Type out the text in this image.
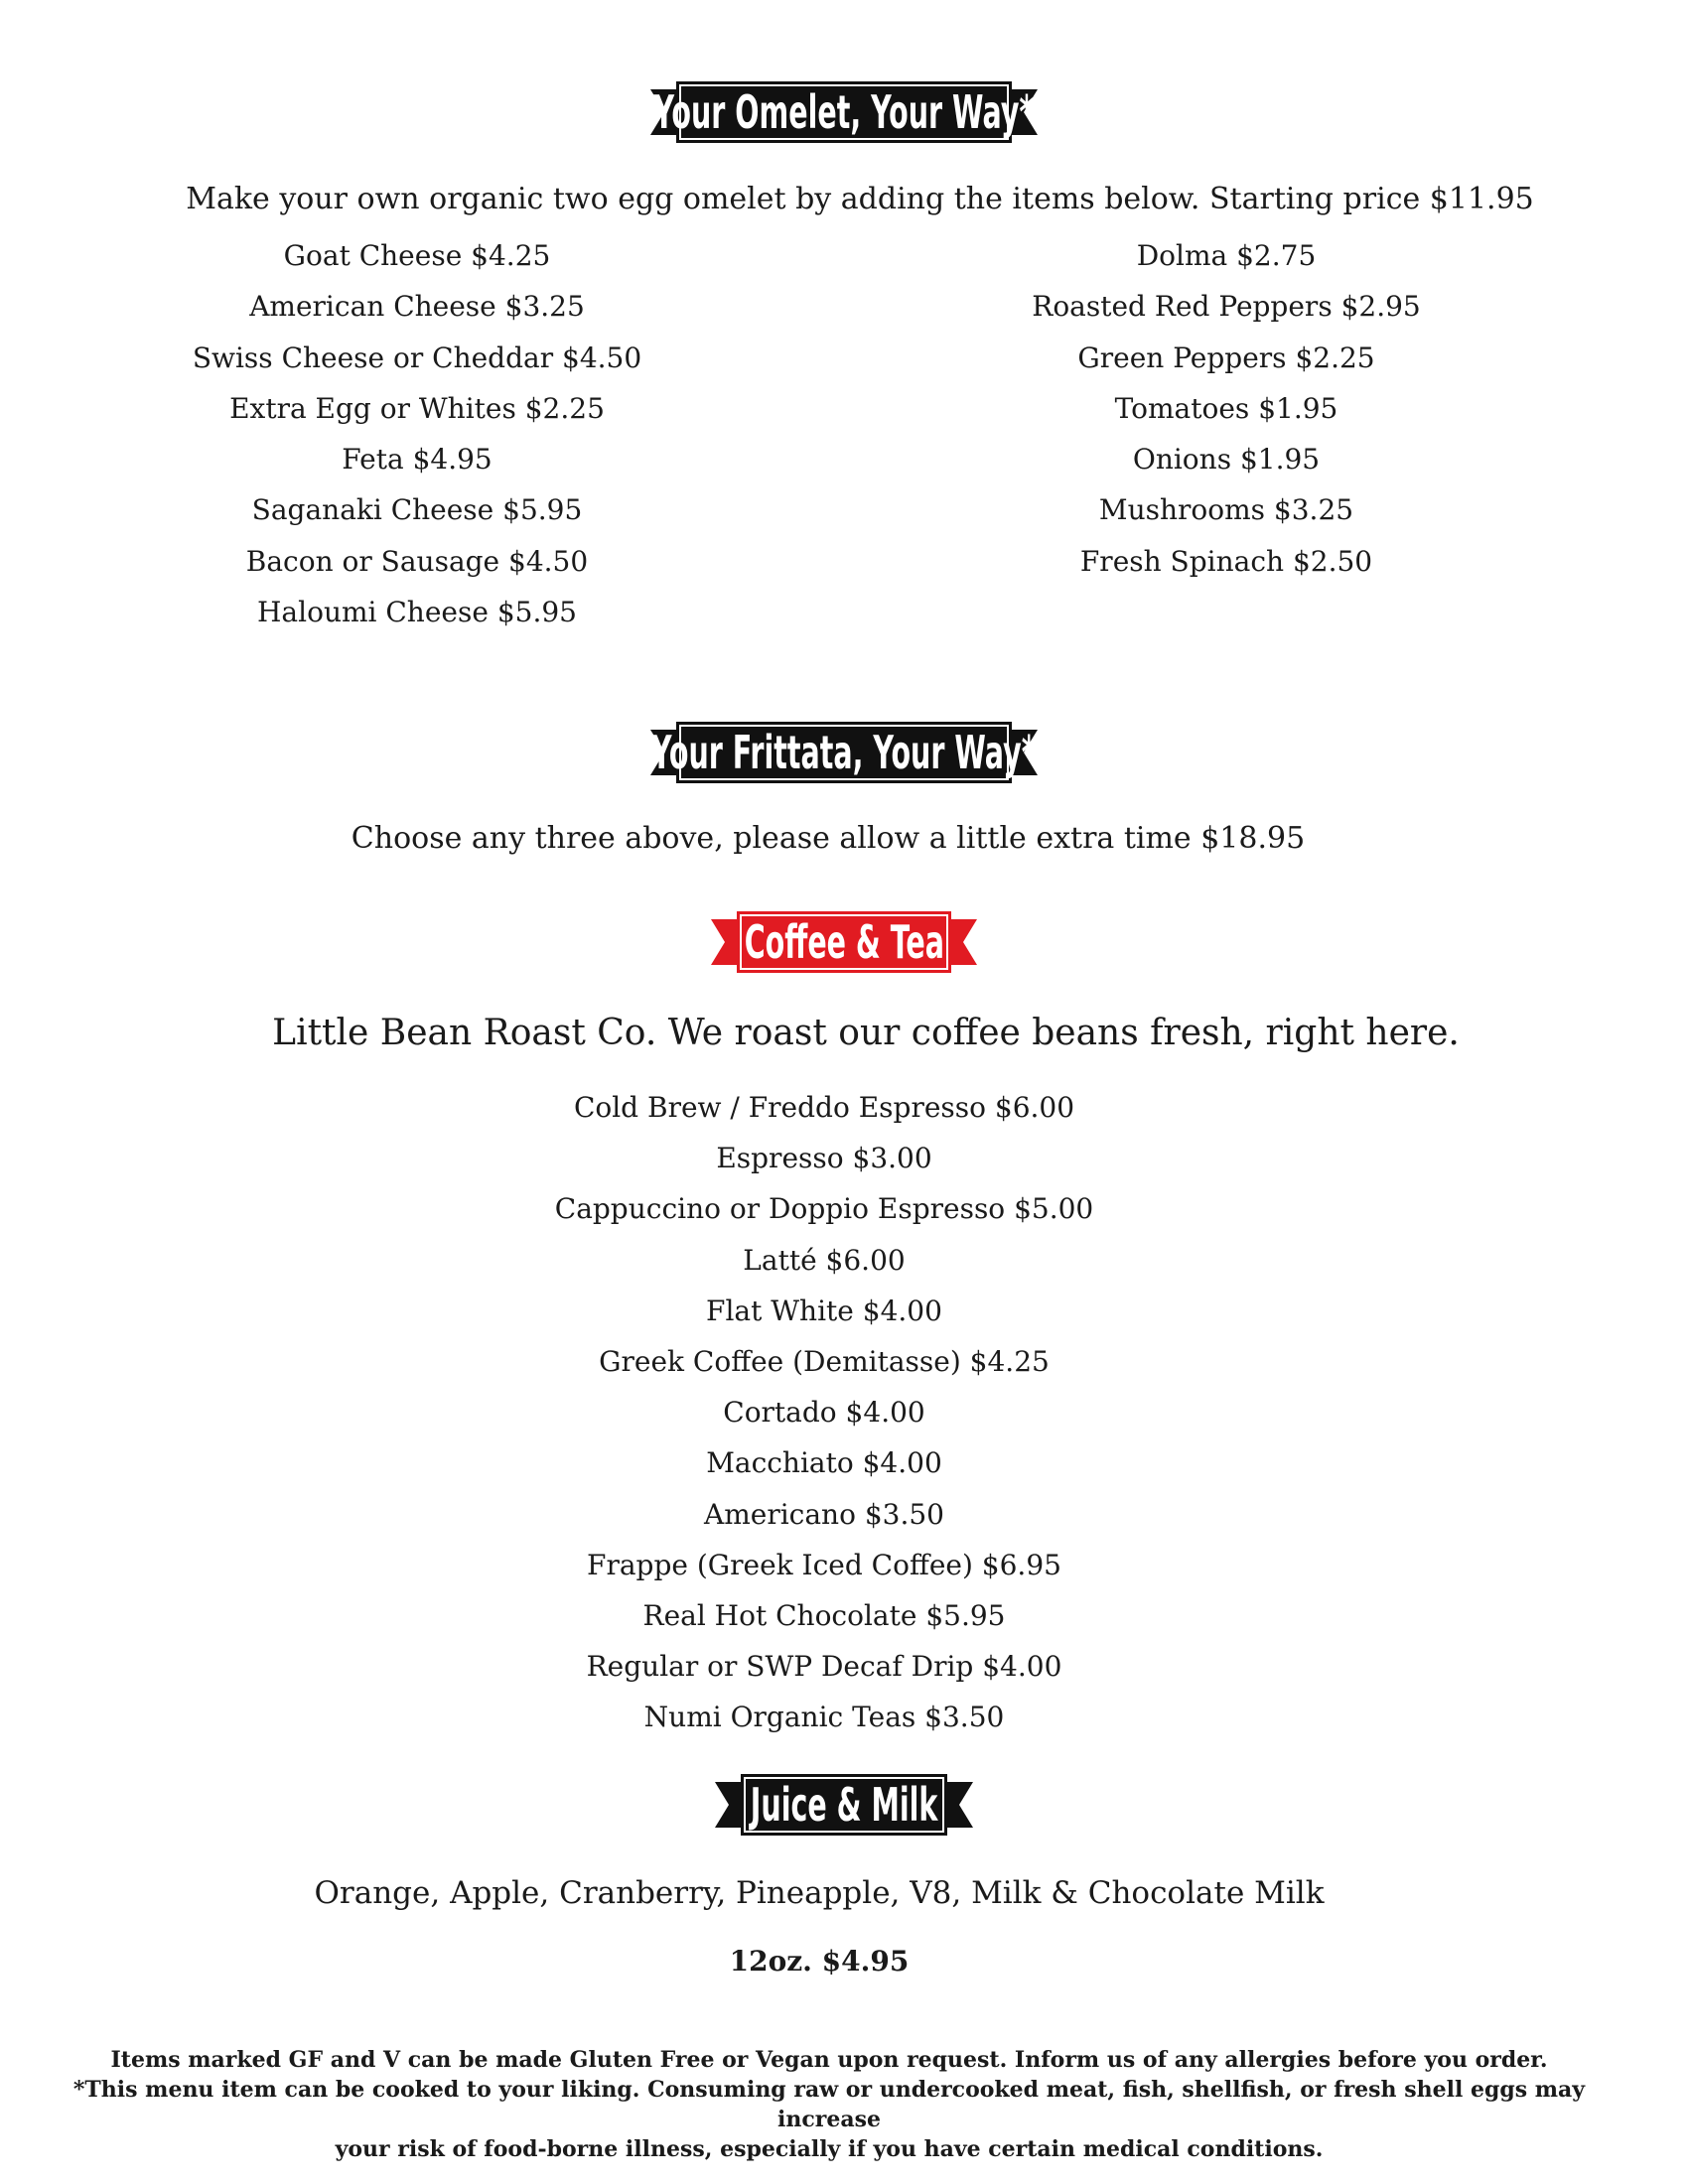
Your Omelet, Your Way*
Make your own organic two egg omelet by adding the items below. Starting price $11.95
Goat Cheese $4.25
American Cheese $3.25
Swiss Cheese or Cheddar $4.50
Extra Egg or Whites $2.25
Feta $4.95
Saganaki Cheese $5.95
Bacon or Sausage $4.50
Haloumi Cheese $5.95
Dolma $2.75
Roasted Red Peppers $2.95
Green Peppers $2.25
Tomatoes $1.95
Onions $1.95
Mushrooms $3.25
Fresh Spinach $2.50
Your Frittata, Your Way*
Choose any three above, please allow a little extra time $18.95
Coffee & Tea
Little Bean Roast Co. We roast our coffee beans fresh, right here.
Cold Brew / Freddo Espresso $6.00
Espresso $3.00
Cappuccino or Doppio Espresso $5.00
Latté $6.00
Flat White $4.00
Greek Coffee (Demitasse) $4.25
Cortado $4.00
Macchiato $4.00
Americano $3.50
Frappe (Greek Iced Coffee) $6.95
Real Hot Chocolate $5.95
Regular or SWP Decaf Drip $4.00
Numi Organic Teas $3.50
Juice & Milk
Orange, Apple, Cranberry, Pineapple, V8, Milk & Chocolate Milk
12oz. $4.95
Items marked GF and V can be made Gluten Free or Vegan upon request. Inform us of any allergies before you order.
*This menu item can be cooked to your liking. Consuming raw or undercooked meat, fish, shellfish, or fresh shell eggs may increase
your risk of food-borne illness, especially if you have certain medical conditions.
